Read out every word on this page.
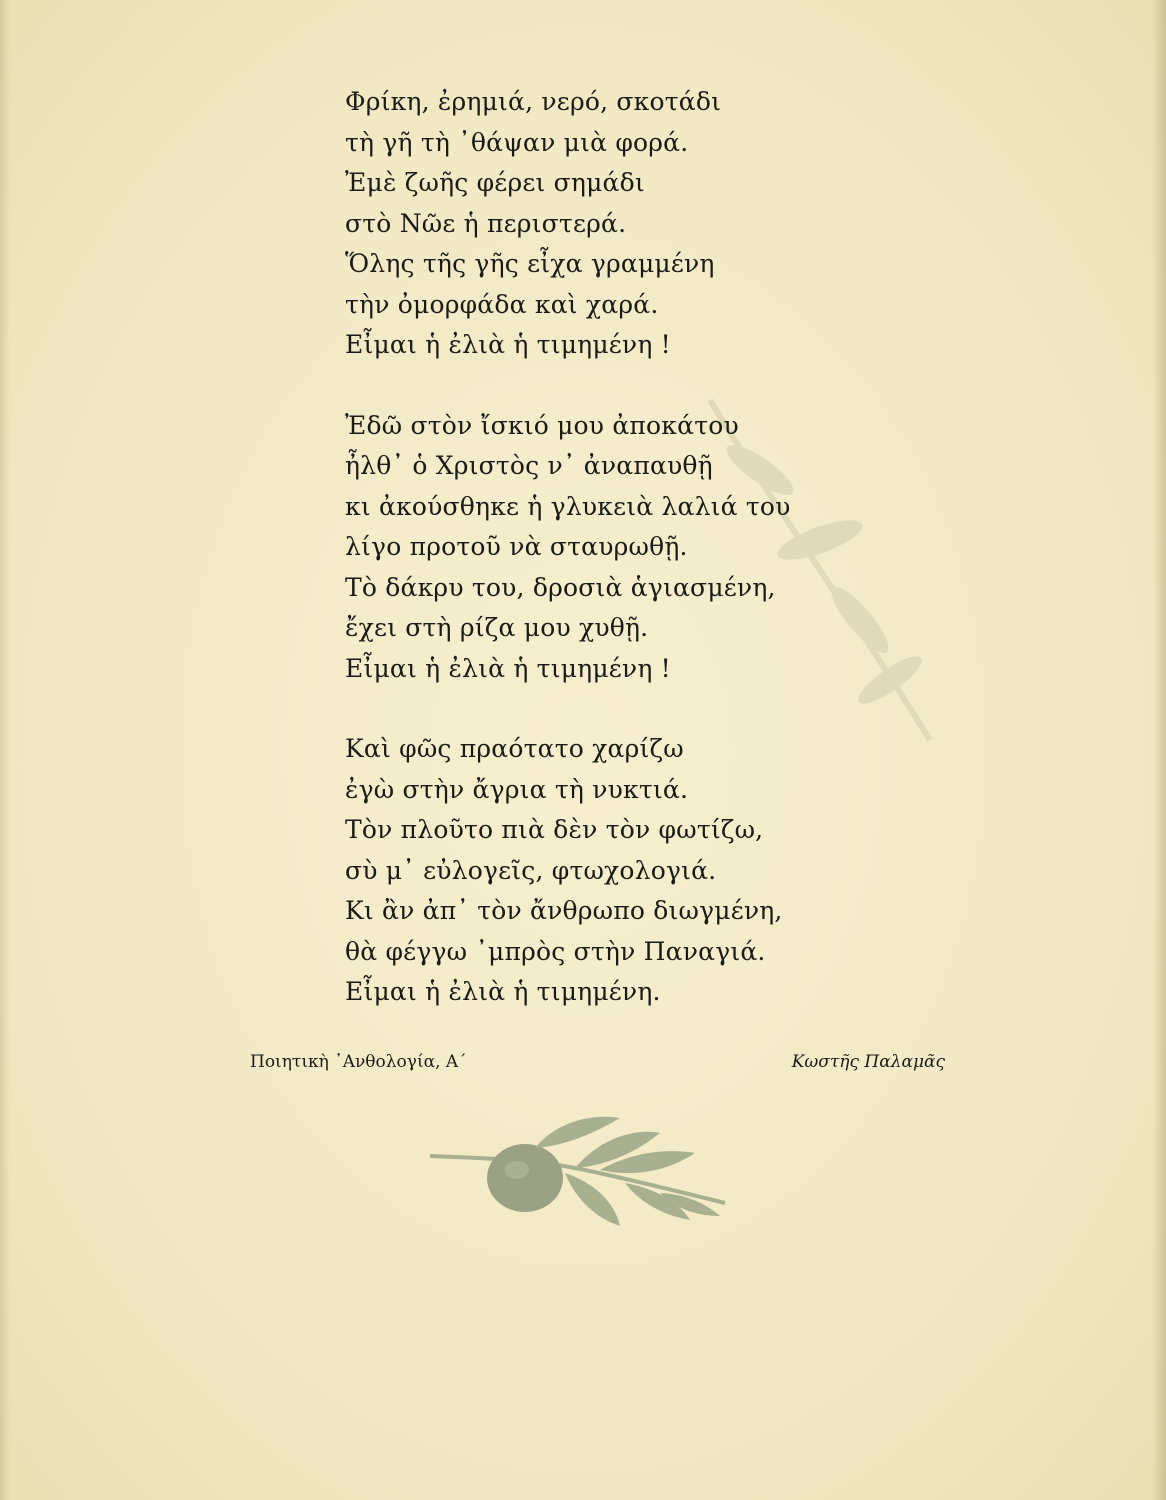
Φρίκη, ἐρημιά, νερό, σκοτάδι
τὴ γῆ τὴ ᾿θάψαν μιὰ φορά.
Ἐμὲ ζωῆς φέρει σημάδι
στὸ Νῶε ἡ περιστερά.
Ὅλης τῆς γῆς εἶχα γραμμένη
τὴν ὀμορφάδα καὶ χαρά.
Εἶμαι ἡ ἐλιὰ ἡ τιμημένη !
Ἐδῶ στὸν ἴσκιό μου ἀποκάτου
ἦλθ᾿ ὁ Χριστὸς ν᾿ ἀναπαυθῇ
κι ἀκούσθηκε ἡ γλυκειὰ λαλιά του
λίγο προτοῦ νὰ σταυρωθῇ.
Τὸ δάκρυ του, δροσιὰ ἁγιασμένη,
ἔχει στὴ ρίζα μου χυθῇ.
Εἶμαι ἡ ἐλιὰ ἡ τιμημένη !
Καὶ φῶς πραότατο χαρίζω
ἐγὼ στὴν ἄγρια τὴ νυκτιά.
Τὸν πλοῦτο πιὰ δὲν τὸν φωτίζω,
σὺ μ᾿ εὐλογεῖς, φτωχολογιά.
Κι ἂν ἀπ᾿ τὸν ἄνθρωπο διωγμένη,
θὰ φέγγω ᾿μπρὸς στὴν Παναγιά.
Εἶμαι ἡ ἐλιὰ ἡ τιμημένη.
Ποιητικὴ ᾿Ανθολογία, Α΄	Κωστῆς Παλαμᾶς
